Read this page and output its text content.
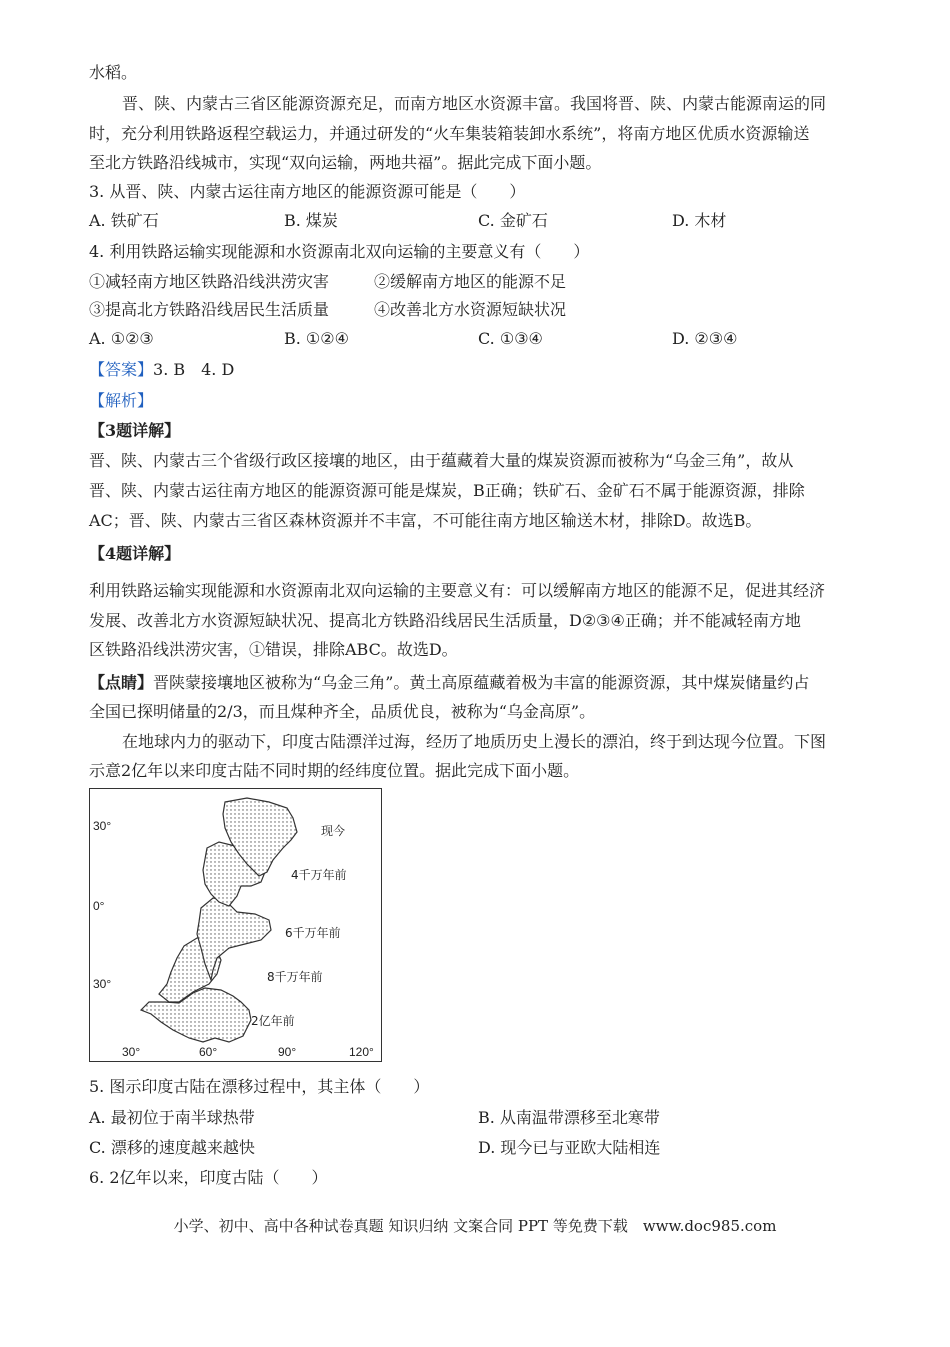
水稻。
晋、陕、内蒙古三省区能源资源充足，而南方地区水资源丰富。我国将晋、陕、内蒙古能源南运的同
时，充分利用铁路返程空载运力，并通过研发的“火车集装箱装卸水系统”，将南方地区优质水资源输送
至北方铁路沿线城市，实现“双向运输，两地共福”。据此完成下面小题。
3. 从晋、陕、内蒙古运往南方地区的能源资源可能是（　　）
A. 铁矿石	B. 煤炭	C. 金矿石	D. 木材
4. 利用铁路运输实现能源和水资源南北双向运输的主要意义有（　　）
①减轻南方地区铁路沿线洪涝灾害	②缓解南方地区的能源不足
③提高北方铁路沿线居民生活质量	④改善北方水资源短缺状况
A. ①②③	B. ①②④	C. ①③④	D. ②③④
【答案】3. B　4. D
【解析】
【3题详解】
晋、陕、内蒙古三个省级行政区接壤的地区，由于蕴藏着大量的煤炭资源而被称为“乌金三角”，故从
晋、陕、内蒙古运往南方地区的能源资源可能是煤炭，B正确；铁矿石、金矿石不属于能源资源，排除
AC；晋、陕、内蒙古三省区森林资源并不丰富，不可能往南方地区输送木材，排除D。故选B。
【4题详解】
利用铁路运输实现能源和水资源南北双向运输的主要意义有：可以缓解南方地区的能源不足，促进其经济
发展、改善北方水资源短缺状况、提高北方铁路沿线居民生活质量，D②③④正确；并不能减轻南方地
区铁路沿线洪涝灾害，①错误，排除ABC。故选D。
【点睛】晋陕蒙接壤地区被称为“乌金三角”。黄土高原蕴藏着极为丰富的能源资源，其中煤炭储量约占
全国已探明储量的2/3，而且煤种齐全，品质优良，被称为“乌金高原”。
在地球内力的驱动下，印度古陆漂洋过海，经历了地质历史上漫长的漂泊，终于到达现今位置。下图
示意2亿年以来印度古陆不同时期的经纬度位置。据此完成下面小题。
30°
0°
30°
30°	60°	90°	120°
现今
4千万年前
6千万年前
8千万年前
2亿年前
5. 图示印度古陆在漂移过程中，其主体（　　）
A. 最初位于南半球热带	B. 从南温带漂移至北寒带
C. 漂移的速度越来越快	D. 现今已与亚欧大陆相连
6. 2亿年以来，印度古陆（　　）
小学、初中、高中各种试卷真题 知识归纳 文案合同 PPT 等免费下载　www.doc985.com
